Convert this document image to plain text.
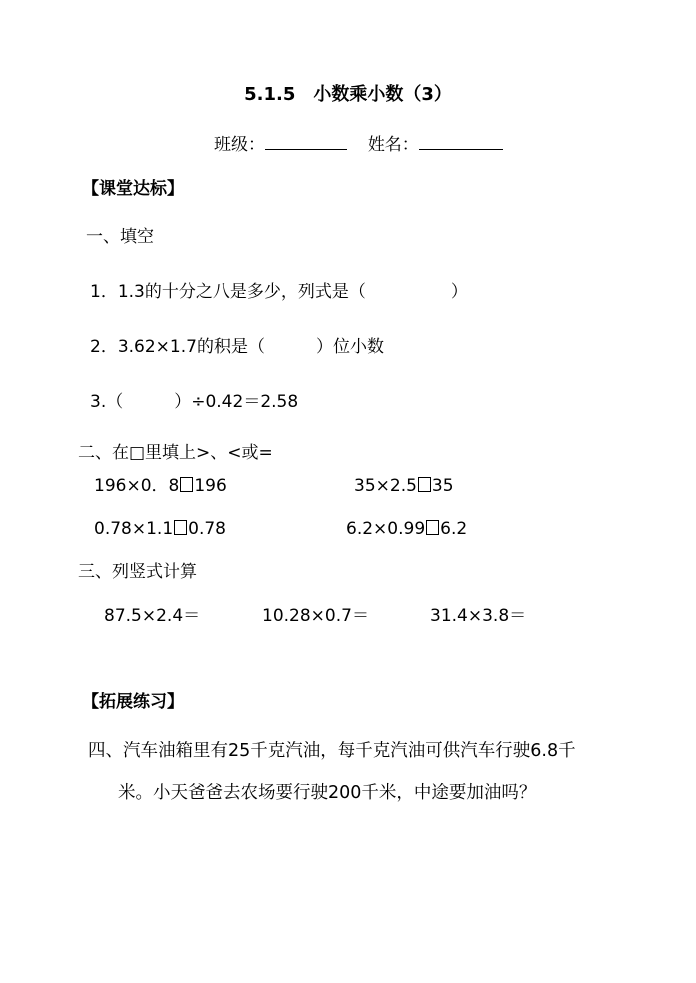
5.1.5　小数乘小数（3）
班级：	姓名：
【课堂达标】
一、填空
1．1.3的十分之八是多少，列式是（　　　　　）
2．3.62×1.7的积是（　　　）位小数
3.（　　　）÷0.42＝2.58
二、在□里填上>、<或=
196×0．8 196	35×2.5 35
0.78×1.1 0.78	6.2×0.99 6.2
三、列竖式计算
87.5×2.4＝	10.28×0.7＝	31.4×3.8＝
【拓展练习】
四、汽车油箱里有25千克汽油，每千克汽油可供汽车行驶6.8千
米。小天爸爸去农场要行驶200千米，中途要加油吗？
